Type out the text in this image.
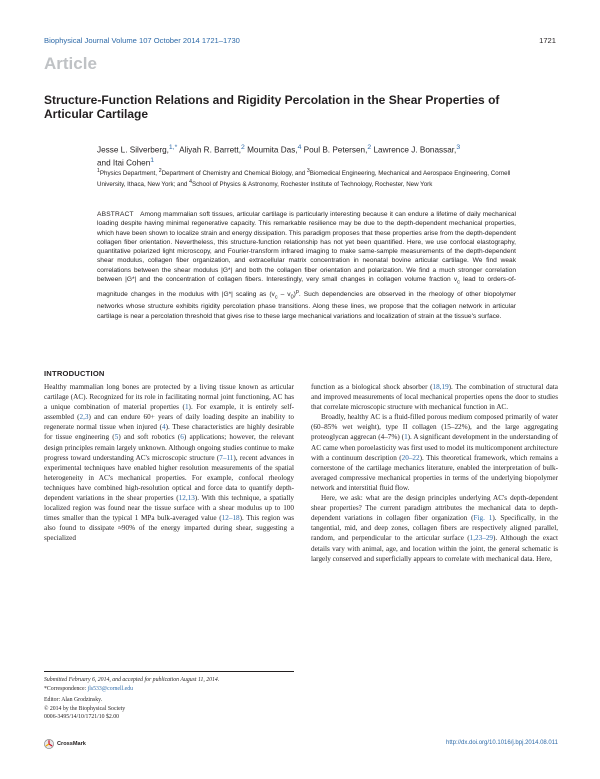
Biophysical Journal Volume 107 October 2014 1721–1730	1721
Article
Structure-Function Relations and Rigidity Percolation in the Shear Properties of Articular Cartilage
Jesse L. Silverberg,$^{1,*}$ Aliyah R. Barrett,$^2$ Moumita Das,$^4$ Poul B. Petersen,$^2$ Lawrence J. Bonassar,$^3$
and Itai Cohen$^1$
$^1$Physics Department, $^2$Department of Chemistry and Chemical Biology, and $^3$Biomedical Engineering, Mechanical and Aerospace Engineering, Cornell University, Ithaca, New York; and $^4$School of Physics & Astronomy, Rochester Institute of Technology, Rochester, New York
ABSTRACT Among mammalian soft tissues, articular cartilage is particularly interesting because it can endure a lifetime of daily mechanical loading despite having minimal regenerative capacity. This remarkable resilience may be due to the depth-dependent mechanical properties, which have been shown to localize strain and energy dissipation. This paradigm proposes that these properties arise from the depth-dependent collagen fiber orientation. Nevertheless, this structure-function relationship has not yet been quantified. Here, we use confocal elastography, quantitative polarized light microscopy, and Fourier-transform infrared imaging to make same-sample measurements of the depth-dependent shear modulus, collagen fiber organization, and extracellular matrix concentration in neonatal bovine articular cartilage. We find weak correlations between the shear modulus |G*| and both the collagen fiber orientation and polarization. We find a much stronger correlation between |G*| and the concentration of collagen fibers. Interestingly, very small changes in collagen volume fraction $v_c$ lead to orders-of-magnitude changes in the modulus with |G*| scaling as $(v_c - v_0)^p$. Such dependencies are observed in the rheology of other biopolymer networks whose structure exhibits rigidity percolation phase transitions. Along these lines, we propose that the collagen network in articular cartilage is near a percolation threshold that gives rise to these large mechanical variations and localization of strain at the tissue's surface.
INTRODUCTION

Healthy mammalian long bones are protected by a living tissue known as articular cartilage (AC). Recognized for its role in facilitating normal joint functioning, AC has a unique combination of material properties (1). For example, it is entirely self-assembled (2,3) and can endure 60+ years of daily loading despite an inability to regenerate normal tissue when injured (4). These characteristics are highly desirable for tissue engineering (5) and soft robotics (6) applications; however, the relevant design principles remain largely unknown. Although ongoing studies continue to make progress toward understanding AC's microscopic structure (7–11), recent advances in experimental techniques have enabled higher resolution measurements of the spatial heterogeneity in AC's mechanical properties. For example, confocal rheology techniques have combined high-resolution optical and force data to quantify depth-dependent variations in the shear properties (12,13). With this technique, a spatially localized region was found near the tissue surface with a shear modulus up to 100 times smaller than the typical 1 MPa bulk-averaged value (12–18). This region was also found to dissipate ≈90% of the energy imparted during shear, suggesting a specialized

function as a biological shock absorber (18,19). The combination of structural data and improved measurements of local mechanical properties opens the door to studies that correlate microscopic structure with mechanical function in AC.

Broadly, healthy AC is a fluid-filled porous medium composed primarily of water (60–85% wet weight), type II collagen (15–22%), and the large aggregating proteoglycan aggrecan (4–7%) (1). A significant development in the understanding of AC came when poroelasticity was first used to model its multicomponent architecture with a continuum description (20–22). This theoretical framework, which remains a cornerstone of the cartilage mechanics literature, enabled the interpretation of bulk-averaged compressive mechanical properties in terms of the underlying biopolymer network and interstitial fluid flow.

Here, we ask: what are the design principles underlying AC's depth-dependent shear properties? The current paradigm attributes the mechanical data to depth-dependent variations in collagen fiber organization (Fig. 1). Specifically, in the tangential, mid, and deep zones, collagen fibers are respectively aligned parallel, random, and perpendicular to the articular surface (1,23–29). Although the exact details vary with animal, age, and location within the joint, the general schematic is largely conserved and superficially appears to correlate with mechanical data. Here,

Submitted February 6, 2014, and accepted for publication August 11, 2014.
*Correspondence: jls533@cornell.edu
Editor: Alan Grodzinsky.
© 2014 by the Biophysical Society
0006-3495/14/10/1721/10 $2.00
CrossMark	http://dx.doi.org/10.1016/j.bpj.2014.08.011
